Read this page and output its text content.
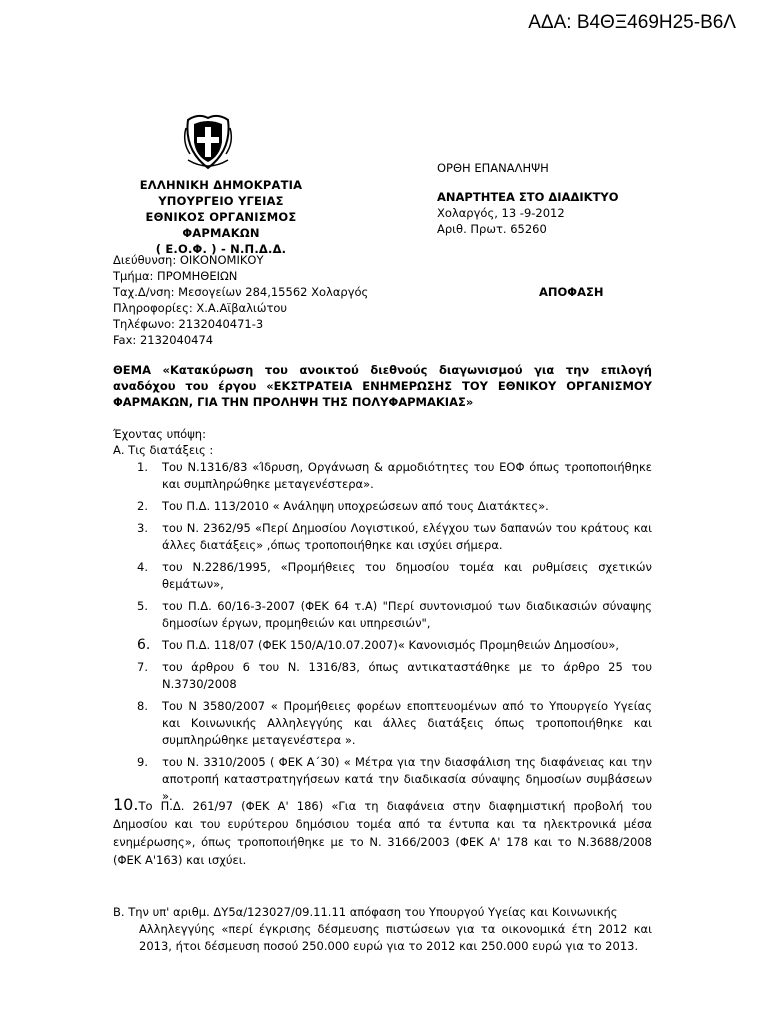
ΑΔΑ: Β4ΘΞ469Η25-Β6Λ
ΕΛΛΗΝΙΚΗ ΔΗΜΟΚΡΑΤΙΑ
ΥΠΟΥΡΓΕΙΟ ΥΓΕΙΑΣ
ΕΘΝΙΚΟΣ ΟΡΓΑΝΙΣΜΟΣ ΦΑΡΜΑΚΩΝ
( Ε.Ο.Φ. ) - Ν.Π.Δ.Δ.
ΟΡΘΗ ΕΠΑΝΑΛΗΨΗ
ΑΝΑΡΤΗΤΕΑ ΣΤΟ ΔΙΑΔΙΚΤΥΟ
Χολαργός, 13 -9-2012
Αριθ. Πρωτ. 65260
Διεύθυνση: ΟΙΚΟΝΟΜΙΚΟΥ
Τμήμα: ΠΡΟΜΗΘΕΙΩΝ
Ταχ.Δ/νση: Μεσογείων 284,15562 Χολαργός
Πληροφορίες: Χ.Α.Αϊβαλιώτου
Τηλέφωνο: 2132040471-3
Fax: 2132040474
ΑΠΟΦΑΣΗ
ΘΕΜΑ «Κατακύρωση του ανοικτού διεθνούς διαγωνισμού για την επιλογή αναδόχου του έργου «ΕΚΣΤΡΑΤΕΙΑ ΕΝΗΜΕΡΩΣΗΣ ΤΟΥ ΕΘΝΙΚΟΥ ΟΡΓΑΝΙΣΜΟΥ ΦΑΡΜΑΚΩΝ, ΓΙΑ ΤΗΝ ΠΡΟΛΗΨΗ ΤΗΣ ΠΟΛΥΦΑΡΜΑΚΙΑΣ»
Έχοντας υπόψη:
Α. Τις διατάξεις :
1. Του Ν.1316/83 «Ίδρυση, Οργάνωση & αρμοδιότητες του ΕΟΦ όπως τροποποιήθηκε και συμπληρώθηκε μεταγενέστερα».
2. Του Π.Δ. 113/2010 « Ανάληψη υποχρεώσεων από τους Διατάκτες».
3. του Ν. 2362/95 «Περί Δημοσίου Λογιστικού, ελέγχου των δαπανών του κράτους και άλλες διατάξεις» ,όπως τροποποιήθηκε και ισχύει σήμερα.
4. του Ν.2286/1995, «Προμήθειες του δημοσίου τομέα και ρυθμίσεις σχετικών θεμάτων»,
5. του Π.Δ. 60/16-3-2007 (ΦΕΚ 64 τ.Α) "Περί συντονισμού των διαδικασιών σύναψης δημοσίων έργων, προμηθειών και υπηρεσιών",
6. Του Π.Δ. 118/07 (ΦΕΚ 150/Α/10.07.2007)« Κανονισμός Προμηθειών Δημοσίου»,
7. του άρθρου 6 του Ν. 1316/83, όπως αντικαταστάθηκε με το άρθρο 25 του Ν.3730/2008
8. Του Ν 3580/2007 « Προμήθειες φορέων εποπτευομένων από το Υπουργείο Υγείας και Κοινωνικής Αλληλεγγύης και άλλες διατάξεις όπως τροποποιήθηκε και συμπληρώθηκε μεταγενέστερα ».
9. του Ν. 3310/2005 ( ΦΕΚ Α΄30) « Μέτρα για την διασφάλιση της διαφάνειας και την αποτροπή καταστρατηγήσεων κατά την διαδικασία σύναψης δημοσίων συμβάσεων ».
10.Το Π.Δ. 261/97 (ΦΕΚ Α' 186) «Για τη διαφάνεια στην διαφημιστική προβολή του Δημοσίου και του ευρύτερου δημόσιου τομέα από τα έντυπα και τα ηλεκτρονικά μέσα ενημέρωσης», όπως τροποποιήθηκε με το Ν. 3166/2003 (ΦΕΚ Α' 178 και το Ν.3688/2008 (ΦΕΚ Α'163) και ισχύει.
Β. Την υπ' αριθμ. ΔΥ5α/123027/09.11.11 απόφαση του Υπουργού Υγείας και Κοινωνικής
Αλληλεγγύης «περί έγκρισης δέσμευσης πιστώσεων για τα οικονομικά έτη 2012 και 2013, ήτοι δέσμευση ποσού 250.000 ευρώ για το 2012 και 250.000 ευρώ για το 2013.
